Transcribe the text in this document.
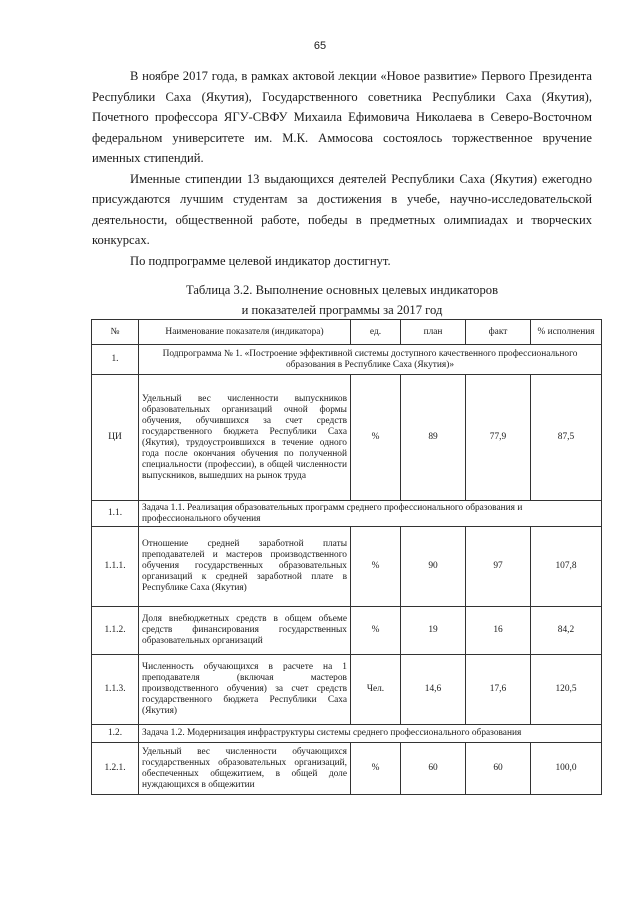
65

В ноябре 2017 года, в рамках актовой лекции «Новое развитие» Первого Президента Республики Саха (Якутия), Государственного советника Республики Саха (Якутия), Почетного профессора ЯГУ-СВФУ Михаила Ефимовича Николаева в Северо-Восточном федеральном университете им. М.К. Аммосова состоялось торжественное вручение именных стипендий.

Именные стипендии 13 выдающихся деятелей Республики Саха (Якутия) ежегодно присуждаются лучшим студентам за достижения в учебе, научно-исследовательской деятельности, общественной работе, победы в предметных олимпиадах и творческих конкурсах.

По подпрограмме целевой индикатор достигнут.

Таблица 3.2. Выполнение основных целевых индикаторов
и показателей программы за 2017 год
№	Наименование показателя (индикатора)	ед.	план	факт	% исполнения
1.	Подпрограмма № 1. «Построение эффективной системы доступного качественного профессионального образования в Республике Саха (Якутия)»				
ЦИ	Удельный вес численности выпускников образовательных организаций очной формы обучения, обучившихся за счет средств государственного бюджета Республики Саха (Якутия), трудоустроившихся в течение одного года после окончания обучения по полученной специальности (профессии), в общей численности выпускников, вышедших на рынок труда	%	89	77,9	87,5
1.1.	Задача 1.1. Реализация образовательных программ среднего профессионального образования и профессионального обучения				
1.1.1.	Отношение средней заработной платы преподавателей и мастеров производственного обучения государственных образовательных организаций к средней заработной плате в Республике Саха (Якутия)	%	90	97	107,8
1.1.2.	Доля внебюджетных средств в общем объеме средств финансирования государственных образовательных организаций	%	19	16	84,2
1.1.3.	Численность обучающихся в расчете на 1 преподавателя (включая мастеров производственного обучения) за счет средств государственного бюджета Республики Саха (Якутия)	Чел.	14,6	17,6	120,5
1.2.	Задача 1.2. Модернизация инфраструктуры системы среднего профессионального образования				
1.2.1.	Удельный вес численности обучающихся государственных образовательных организаций, обеспеченных общежитием, в общей доле нуждающихся в общежитии	%	60	60	100,0
